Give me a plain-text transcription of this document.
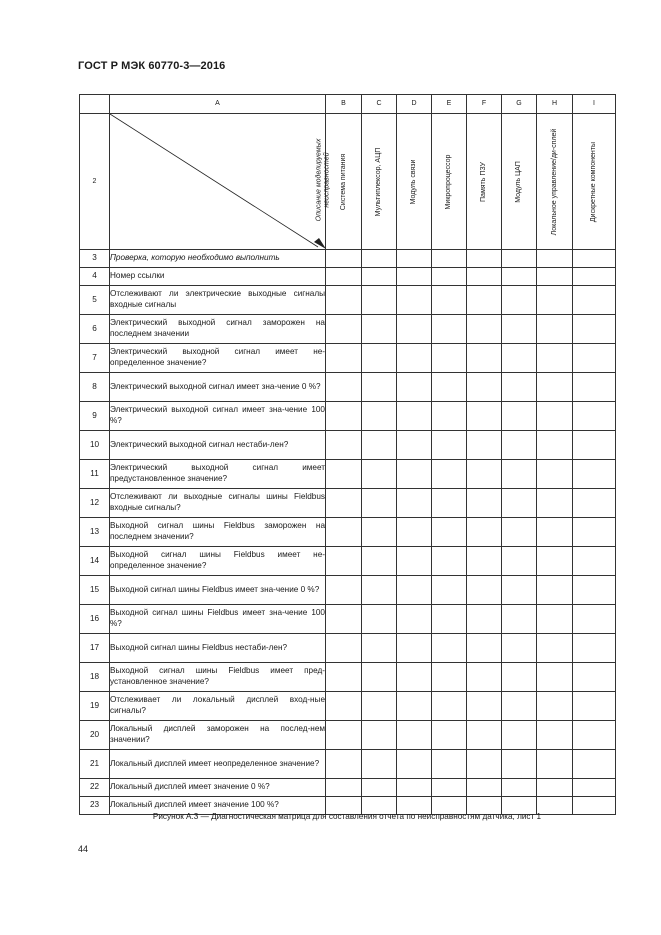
ГОСТ Р МЭК 60770-3—2016
	A	B	C	D	E	F	G	H	I
2	Описание моделируемых неисправностей	Система питания	Мультиплексор, АЦП	Модуль связи	Микропроцессор	Память ПЗУ	Модуль ЦАП	Локальное управление/ди-сплей	Дискретные компоненты

3	Проверка, которую необходимо выполнить								
4	Номер ссылки								
5	Отслеживают ли электрические выходные сигналы входные сигналы								
6	Электрический выходной сигнал заморожен на последнем значении								
7	Электрический выходной сигнал имеет не-определенное значение?								
8	Электрический выходной сигнал имеет зна-чение 0 %?								
9	Электрический выходной сигнал имеет зна-чение 100 %?								
10	Электрический выходной сигнал нестаби-лен?								
11	Электрический выходной сигнал имеет предустановленное значение?								
12	Отслеживают ли выходные сигналы шины Fieldbus входные сигналы?								
13	Выходной сигнал шины Fieldbus заморожен на последнем значении?								
14	Выходной сигнал шины Fieldbus имеет не-определенное значение?								
15	Выходной сигнал шины Fieldbus имеет зна-чение 0 %?								
16	Выходной сигнал шины Fieldbus имеет зна-чение 100 %?								
17	Выходной сигнал шины Fieldbus нестаби-лен?								
18	Выходной сигнал шины Fieldbus имеет пред-установленное значение?								
19	Отслеживает ли локальный дисплей вход-ные сигналы?								
20	Локальный дисплей заморожен на послед-нем значении?								
21	Локальный дисплей имеет неопределенное значение?								
22	Локальный дисплей имеет значение 0 %?								
23	Локальный дисплей имеет значение 100 %?								
Рисунок А.3 — Диагностическая матрица для составления отчета по неисправностям датчика, лист 1
44
